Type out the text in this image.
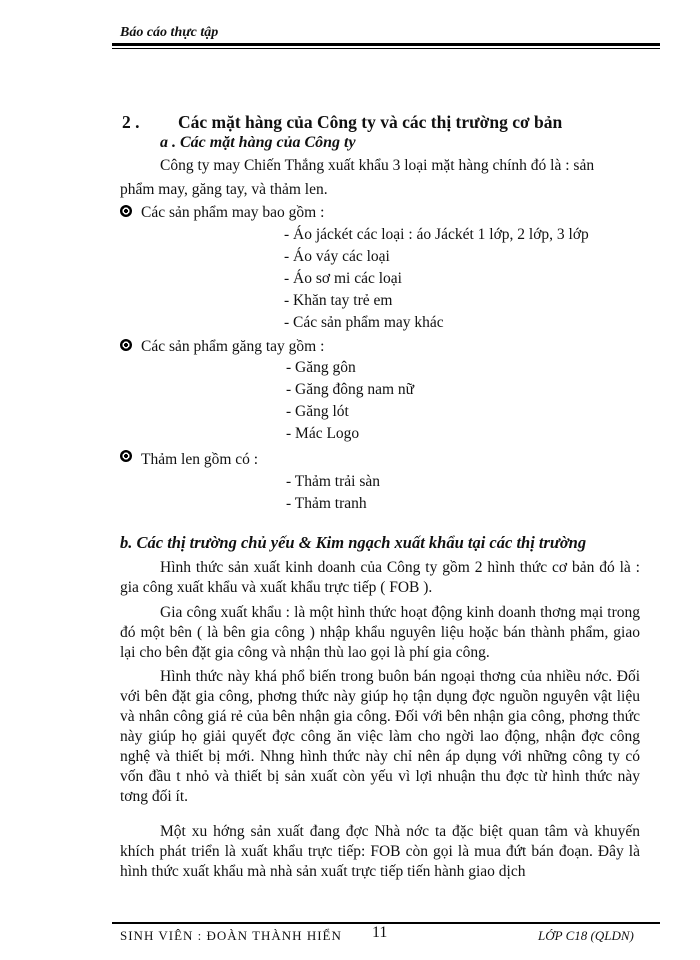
Báo cáo thực tập
2 . Các mặt hàng của Công ty và các thị trường cơ bản
a . Các mặt hàng của Công ty
Công ty may Chiến Thắng xuất khẩu 3 loại mặt hàng chính đó là : sản
phẩm may, găng tay, và thảm len.
Các sản phẩm may bao gồm :
- Áo jáckét các loại : áo Jáckét 1 lớp, 2 lớp, 3 lớp
- Áo váy các loại
- Áo sơ mi các loại
- Khăn tay trẻ em
- Các sản phẩm may khác
Các sản phẩm găng tay gồm :
- Găng gôn
- Găng đông nam nữ
- Găng lót
- Mác Logo
Thảm len gồm có :
- Thảm trải sàn
- Thảm tranh
b. Các thị trường chủ yếu & Kim ngạch xuất khẩu tại các thị trường
Hình thức sản xuất kinh doanh của Công ty gồm 2 hình thức cơ bản đó là : gia công xuất khẩu và xuất khẩu trực tiếp ( FOB ).
Gia công xuất khẩu : là một hình thức hoạt động kinh doanh thơng mại trong đó một bên ( là bên gia công ) nhập khẩu nguyên liệu hoặc bán thành phẩm, giao lại cho bên đặt gia công và nhận thù lao gọi là phí gia công.
Hình thức này khá phổ biến trong buôn bán ngoại thơng của nhiều nớc. Đối với bên đặt gia công, phơng thức này giúp họ tận dụng đợc nguồn nguyên vật liệu và nhân công giá rẻ của bên nhận gia công. Đối với bên nhận gia công, phơng thức này giúp họ giải quyết đợc công ăn việc làm cho ngời lao động, nhận đợc công nghệ và thiết bị mới. Nhng hình thức này chỉ nên áp dụng với những công ty có vốn đầu t nhỏ và thiết bị sản xuất còn yếu vì lợi nhuận thu đợc từ hình thức này tơng đối ít.
Một xu hớng sản xuất đang đợc Nhà nớc ta đặc biệt quan tâm và khuyến khích phát triển là xuất khẩu trực tiếp: FOB còn gọi là mua đứt bán đoạn. Đây là hình thức xuất khẩu mà nhà sản xuất trực tiếp tiến hành giao dịch
SINH VIÊN : ĐOÀN THÀNH HIỂN 11	LỚP C18 (QLDN)
